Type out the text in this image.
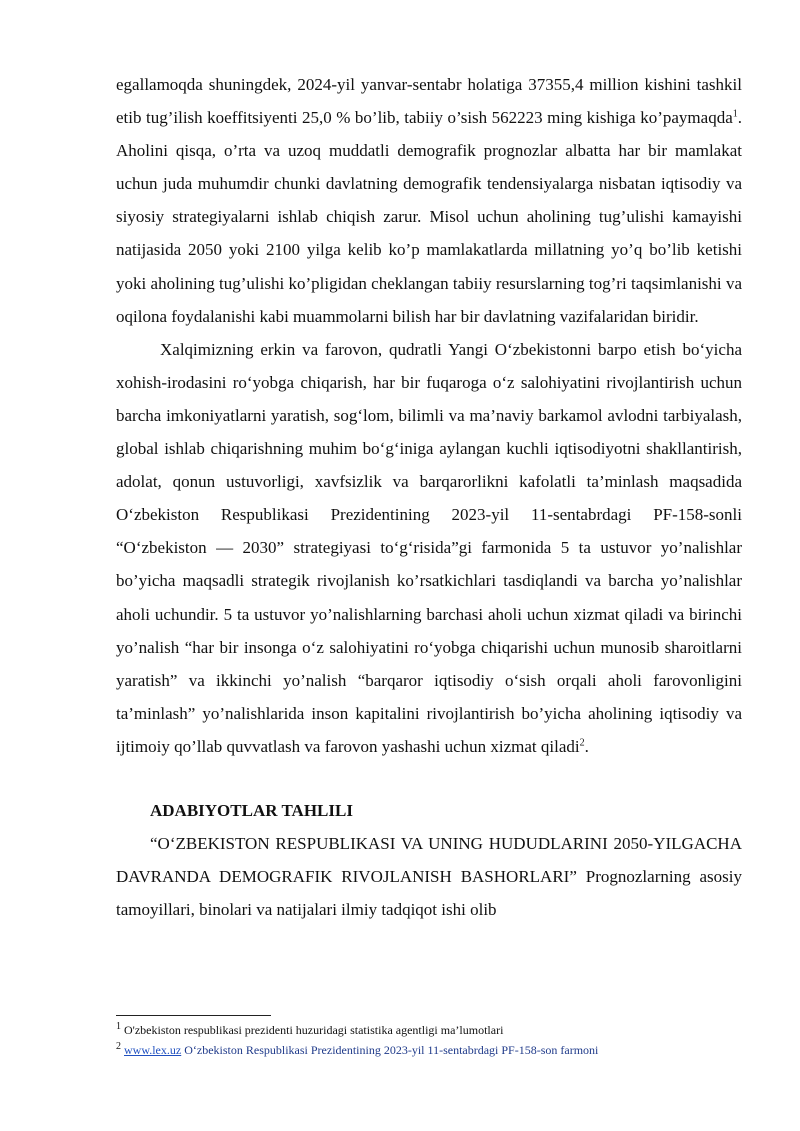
egallamoqda shuningdek, 2024-yil yanvar-sentabr holatiga 37355,4 million kishini tashkil etib tug’ilish koeffitsiyenti 25,0 % bo’lib, tabiiy o’sish 562223 ming kishiga ko’paymaqda$^1$. Aholini qisqa, o’rta va uzoq muddatli demografik prognozlar albatta har bir mamlakat uchun juda muhumdir chunki davlatning demografik tendensiyalarga nisbatan iqtisodiy va siyosiy strategiyalarni ishlab chiqish zarur. Misol uchun aholining tug’ulishi kamayishi natijasida 2050 yoki 2100 yilga kelib ko’p mamlakatlarda millatning yo’q bo’lib ketishi yoki aholining tug’ulishi ko’pligidan cheklangan tabiiy resurslarning tog’ri taqsimlanishi va oqilona foydalanishi kabi muammolarni bilish har bir davlatning vazifalaridan biridir.

Xalqimizning erkin va farovon, qudratli Yangi O‘zbekistonni barpo etish bo‘yicha xohish-irodasini ro‘yobga chiqarish, har bir fuqaroga o‘z salohiyatini rivojlantirish uchun barcha imkoniyatlarni yaratish, sog‘lom, bilimli va ma’naviy barkamol avlodni tarbiyalash, global ishlab chiqarishning muhim bo‘g‘iniga aylangan kuchli iqtisodiyotni shakllantirish, adolat, qonun ustuvorligi, xavfsizlik va barqarorlikni kafolatli ta’minlash maqsadida O‘zbekiston Respublikasi Prezidentining 2023-yil 11-sentabrdagi PF-158-sonli “O‘zbekiston — 2030” strategiyasi to‘g‘risida”gi farmonida 5 ta ustuvor yo’nalishlar bo’yicha maqsadli strategik rivojlanish ko’rsatkichlari tasdiqlandi va barcha yo’nalishlar aholi uchundir. 5 ta ustuvor yo’nalishlarning barchasi aholi uchun xizmat qiladi va birinchi yo’nalish “har bir insonga o‘z salohiyatini ro‘yobga chiqarishi uchun munosib sharoitlarni yaratish” va ikkinchi yo’nalish “barqaror iqtisodiy o‘sish orqali aholi farovonligini ta’minlash” yo’nalishlarida inson kapitalini rivojlantirish bo’yicha aholining iqtisodiy va ijtimoiy qo’llab quvvatlash va farovon yashashi uchun xizmat qiladi$^2$.

ADABIYOTLAR TAHLILI

“O‘ZBEKISTON RESPUBLIKASI VA UNING HUDUDLARINI 2050-YILGACHA DAVRANDA DEMOGRAFIK RIVOJLANISH BASHORLARI” Prognozlarning asosiy tamoyillari, binolari va natijalari ilmiy tadqiqot ishi olib

$^1$ O'zbekiston respublikasi prezidenti huzuridagi statistika agentligi ma’lumotlari

$^2$ www.lex.uz O‘zbekiston Respublikasi Prezidentining 2023-yil 11-sentabrdagi PF-158-son farmoni
